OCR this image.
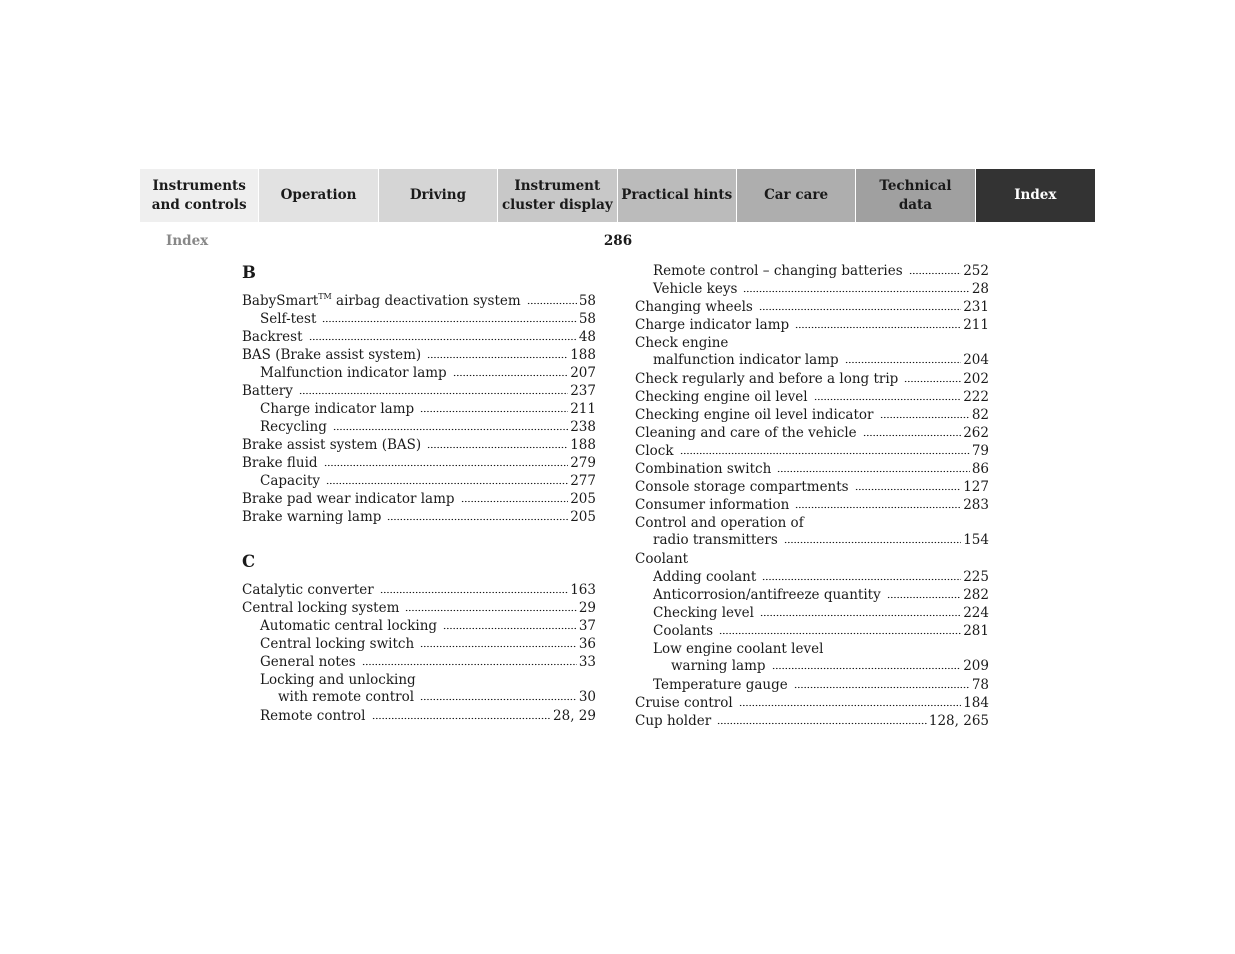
Instruments
and controls
Operation	Driving
Instrument
cluster display
Practical hints Car care
Technical
data
Index
Index	286
B
BabySmart™ airbag deactivation system	58
Self-test	58
Backrest	48
BAS (Brake assist system)	188
Malfunction indicator lamp	207
Battery	237
Charge indicator lamp	211
Recycling	238
Brake assist system (BAS)	188
Brake fluid	279
Capacity	277
Brake pad wear indicator lamp	205
Brake warning lamp	205
C
Catalytic converter	163
Central locking system	29
Automatic central locking	37
Central locking switch	36
General notes	33
Locking and unlocking
with remote control	30
Remote control	28, 29
Remote control – changing batteries	252
Vehicle keys	28
Changing wheels	231
Charge indicator lamp	211
Check engine
malfunction indicator lamp	204
Check regularly and before a long trip	202
Checking engine oil level	222
Checking engine oil level indicator	82
Cleaning and care of the vehicle	262
Clock	79
Combination switch	86
Console storage compartments	127
Consumer information	283
Control and operation of
radio transmitters	154
Coolant
Adding coolant	225
Anticorrosion/antifreeze quantity	282
Checking level	224
Coolants	281
Low engine coolant level
warning lamp	209
Temperature gauge	78
Cruise control	184
Cup holder	128, 265
